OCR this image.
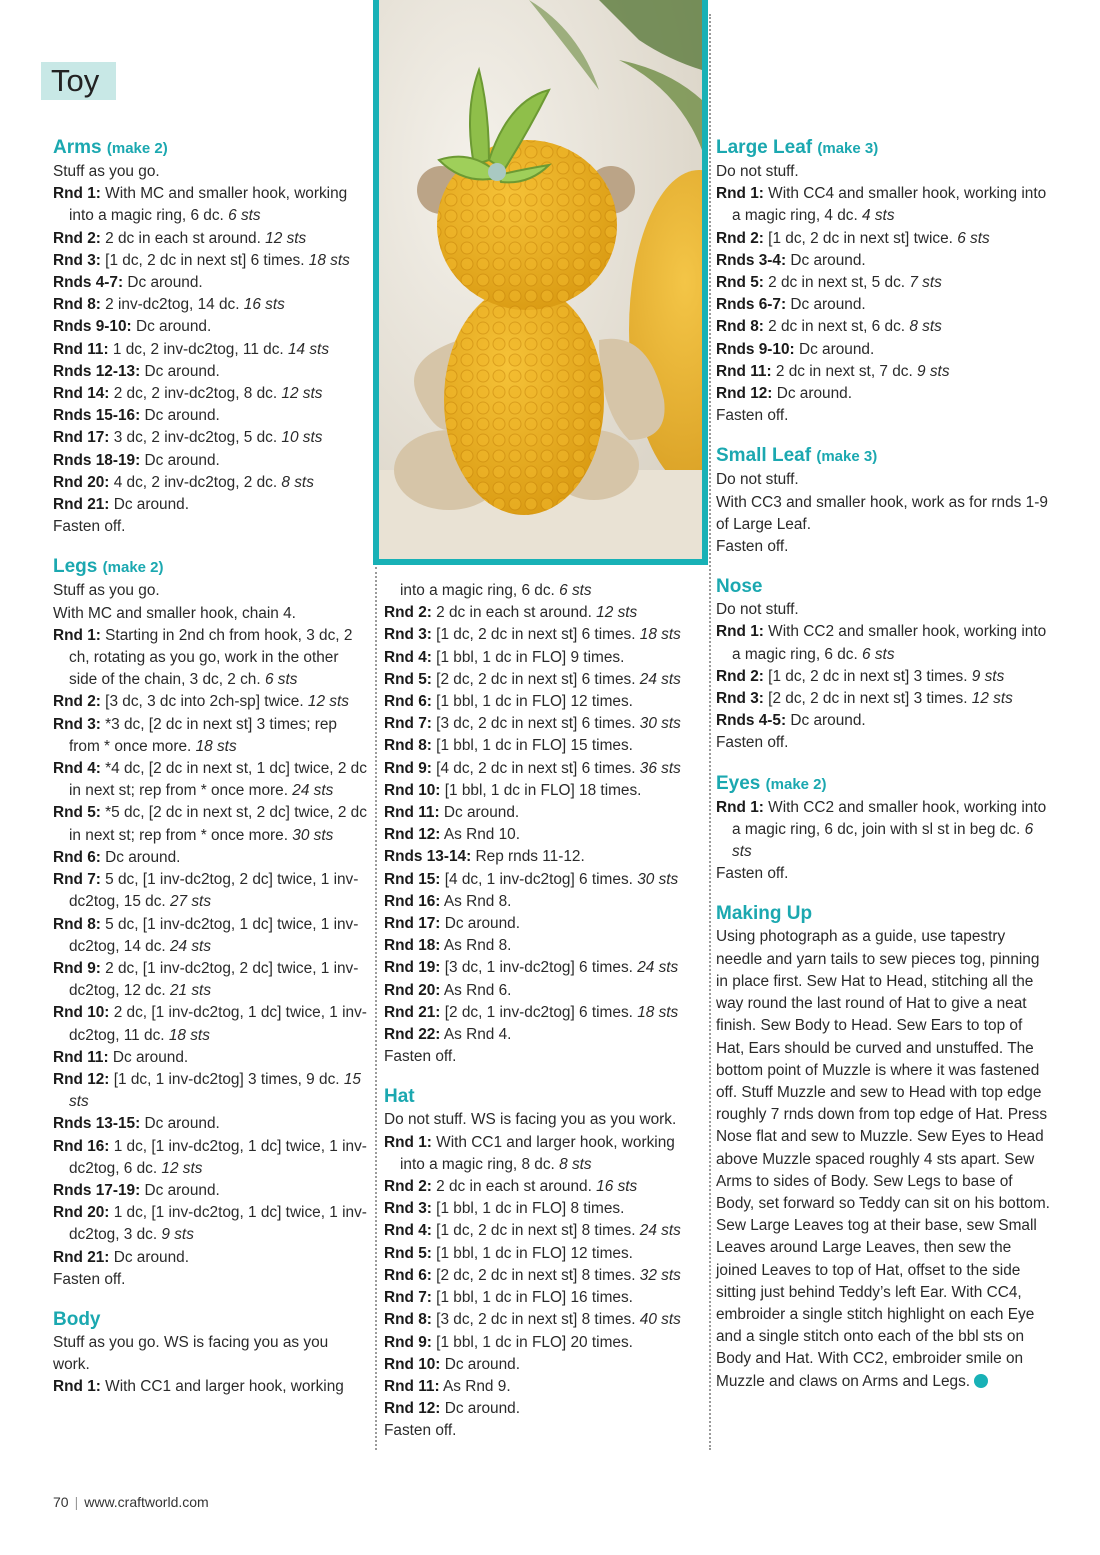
Toy
Arms (make 2)
Stuff as you go.
Rnd 1: With MC and smaller hook, working into a magic ring, 6 dc. 6 sts
Rnd 2: 2 dc in each st around. 12 sts
Rnd 3: [1 dc, 2 dc in next st] 6 times. 18 sts
Rnds 4-7: Dc around.
Rnd 8: 2 inv-dc2tog, 14 dc. 16 sts
Rnds 9-10: Dc around.
Rnd 11: 1 dc, 2 inv-dc2tog, 11 dc. 14 sts
Rnds 12-13: Dc around.
Rnd 14: 2 dc, 2 inv-dc2tog, 8 dc. 12 sts
Rnds 15-16: Dc around.
Rnd 17: 3 dc, 2 inv-dc2tog, 5 dc. 10 sts
Rnds 18-19: Dc around.
Rnd 20: 4 dc, 2 inv-dc2tog, 2 dc. 8 sts
Rnd 21: Dc around.
Fasten off.
Legs (make 2)
Stuff as you go.
With MC and smaller hook, chain 4.
Rnd 1: Starting in 2nd ch from hook, 3 dc, 2 ch, rotating as you go, work in the other side of the chain, 3 dc, 2 ch. 6 sts
Rnd 2: [3 dc, 3 dc into 2ch-sp] twice. 12 sts
Rnd 3: *3 dc, [2 dc in next st] 3 times; rep from * once more. 18 sts
Rnd 4: *4 dc, [2 dc in next st, 1 dc] twice, 2 dc in next st; rep from * once more. 24 sts
Rnd 5: *5 dc, [2 dc in next st, 2 dc] twice, 2 dc in next st; rep from * once more. 30 sts
Rnd 6: Dc around.
Rnd 7: 5 dc, [1 inv-dc2tog, 2 dc] twice, 1 inv-dc2tog, 15 dc. 27 sts
Rnd 8: 5 dc, [1 inv-dc2tog, 1 dc] twice, 1 inv-dc2tog, 14 dc. 24 sts
Rnd 9: 2 dc, [1 inv-dc2tog, 2 dc] twice, 1 inv-dc2tog, 12 dc. 21 sts
Rnd 10: 2 dc, [1 inv-dc2tog, 1 dc] twice, 1 inv-dc2tog, 11 dc. 18 sts
Rnd 11: Dc around.
Rnd 12: [1 dc, 1 inv-dc2tog] 3 times, 9 dc. 15 sts
Rnds 13-15: Dc around.
Rnd 16: 1 dc, [1 inv-dc2tog, 1 dc] twice, 1 inv-dc2tog, 6 dc. 12 sts
Rnds 17-19: Dc around.
Rnd 20: 1 dc, [1 inv-dc2tog, 1 dc] twice, 1 inv-dc2tog, 3 dc. 9 sts
Rnd 21: Dc around.
Fasten off.
Body
Stuff as you go. WS is facing you as you work.
Rnd 1: With CC1 and larger hook, working
into a magic ring, 6 dc. 6 sts
Rnd 2: 2 dc in each st around. 12 sts
Rnd 3: [1 dc, 2 dc in next st] 6 times. 18 sts
Rnd 4: [1 bbl, 1 dc in FLO] 9 times.
Rnd 5: [2 dc, 2 dc in next st] 6 times. 24 sts
Rnd 6: [1 bbl, 1 dc in FLO] 12 times.
Rnd 7: [3 dc, 2 dc in next st] 6 times. 30 sts
Rnd 8: [1 bbl, 1 dc in FLO] 15 times.
Rnd 9: [4 dc, 2 dc in next st] 6 times. 36 sts
Rnd 10: [1 bbl, 1 dc in FLO] 18 times.
Rnd 11: Dc around.
Rnd 12: As Rnd 10.
Rnds 13-14: Rep rnds 11-12.
Rnd 15: [4 dc, 1 inv-dc2tog] 6 times. 30 sts
Rnd 16: As Rnd 8.
Rnd 17: Dc around.
Rnd 18: As Rnd 8.
Rnd 19: [3 dc, 1 inv-dc2tog] 6 times. 24 sts
Rnd 20: As Rnd 6.
Rnd 21: [2 dc, 1 inv-dc2tog] 6 times. 18 sts
Rnd 22: As Rnd 4.
Fasten off.
Hat
Do not stuff. WS is facing you as you work.
Rnd 1: With CC1 and larger hook, working into a magic ring, 8 dc. 8 sts
Rnd 2: 2 dc in each st around. 16 sts
Rnd 3: [1 bbl, 1 dc in FLO] 8 times.
Rnd 4: [1 dc, 2 dc in next st] 8 times. 24 sts
Rnd 5: [1 bbl, 1 dc in FLO] 12 times.
Rnd 6: [2 dc, 2 dc in next st] 8 times. 32 sts
Rnd 7: [1 bbl, 1 dc in FLO] 16 times.
Rnd 8: [3 dc, 2 dc in next st] 8 times. 40 sts
Rnd 9: [1 bbl, 1 dc in FLO] 20 times.
Rnd 10: Dc around.
Rnd 11: As Rnd 9.
Rnd 12: Dc around.
Fasten off.
Large Leaf (make 3)
Do not stuff.
Rnd 1: With CC4 and smaller hook, working into a magic ring, 4 dc. 4 sts
Rnd 2: [1 dc, 2 dc in next st] twice. 6 sts
Rnds 3-4: Dc around.
Rnd 5: 2 dc in next st, 5 dc. 7 sts
Rnds 6-7: Dc around.
Rnd 8: 2 dc in next st, 6 dc. 8 sts
Rnds 9-10: Dc around.
Rnd 11: 2 dc in next st, 7 dc. 9 sts
Rnd 12: Dc around.
Fasten off.
Small Leaf (make 3)
Do not stuff.
With CC3 and smaller hook, work as for rnds 1-9 of Large Leaf.
Fasten off.
Nose
Do not stuff.
Rnd 1: With CC2 and smaller hook, working into a magic ring, 6 dc. 6 sts
Rnd 2: [1 dc, 2 dc in next st] 3 times. 9 sts
Rnd 3: [2 dc, 2 dc in next st] 3 times. 12 sts
Rnds 4-5: Dc around.
Fasten off.
Eyes (make 2)
Rnd 1: With CC2 and smaller hook, working into a magic ring, 6 dc, join with sl st in beg dc. 6 sts
Fasten off.
Making Up
Using photograph as a guide, use tapestry needle and yarn tails to sew pieces tog, pinning in place first. Sew Hat to Head, stitching all the way round the last round of Hat to give a neat finish. Sew Body to Head. Sew Ears to top of Hat, Ears should be curved and unstuffed. The bottom point of Muzzle is where it was fastened off. Stuff Muzzle and sew to Head with top edge roughly 7 rnds down from top edge of Hat. Press Nose flat and sew to Muzzle. Sew Eyes to Head above Muzzle spaced roughly 4 sts apart. Sew Arms to sides of Body. Sew Legs to base of Body, set forward so Teddy can sit on his bottom. Sew Large Leaves tog at their base, sew Small Leaves around Large Leaves, then sew the joined Leaves to top of Hat, offset to the side sitting just behind Teddy’s left Ear. With CC4, embroider a single stitch highlight on each Eye and a single stitch onto each of the bbl sts on Body and Hat. With CC2, embroider smile on Muzzle and claws on Arms and Legs.
70 | www.craftworld.com
